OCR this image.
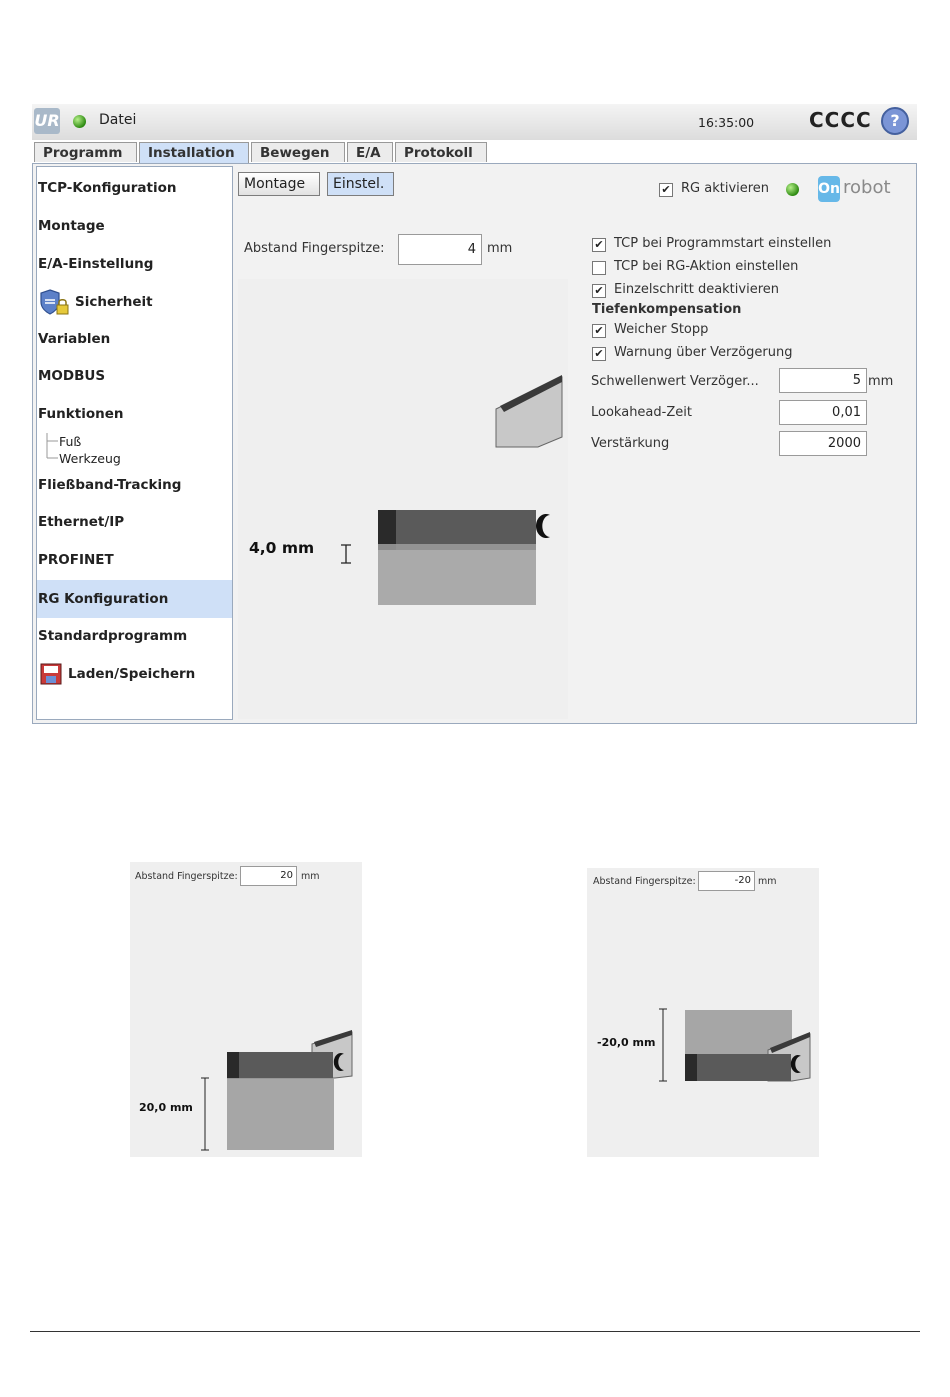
UR	Datei	16:35:00	CCCC	?
Programm	Installation	Bewegen	E/A	Protokoll
TCP-Konfiguration
Montage
E/A-Einstellung
Sicherheit
Variablen
MODBUS
Funktionen
Fuß
Werkzeug
Fließband-Tracking
Ethernet/IP
PROFINET
RG Konfiguration
Standardprogramm
Laden/Speichern
Montage	Einstel.	✔ RG aktivieren	On robot
Abstand Fingerspitze:	4 mm
4,0 mm
✔ TCP bei Programmstart einstellen
TCP bei RG-Aktion einstellen
✔ Einzelschritt deaktivieren
Tiefenkompensation
✔ Weicher Stopp
✔ Warnung über Verzögerung
Schwellenwert Verzöger...	5 mm
Lookahead-Zeit	0,01
Verstärkung	2000
Abstand Fingerspitze:	20 mm
20,0 mm
Abstand Fingerspitze:	-20 mm
-20,0 mm
